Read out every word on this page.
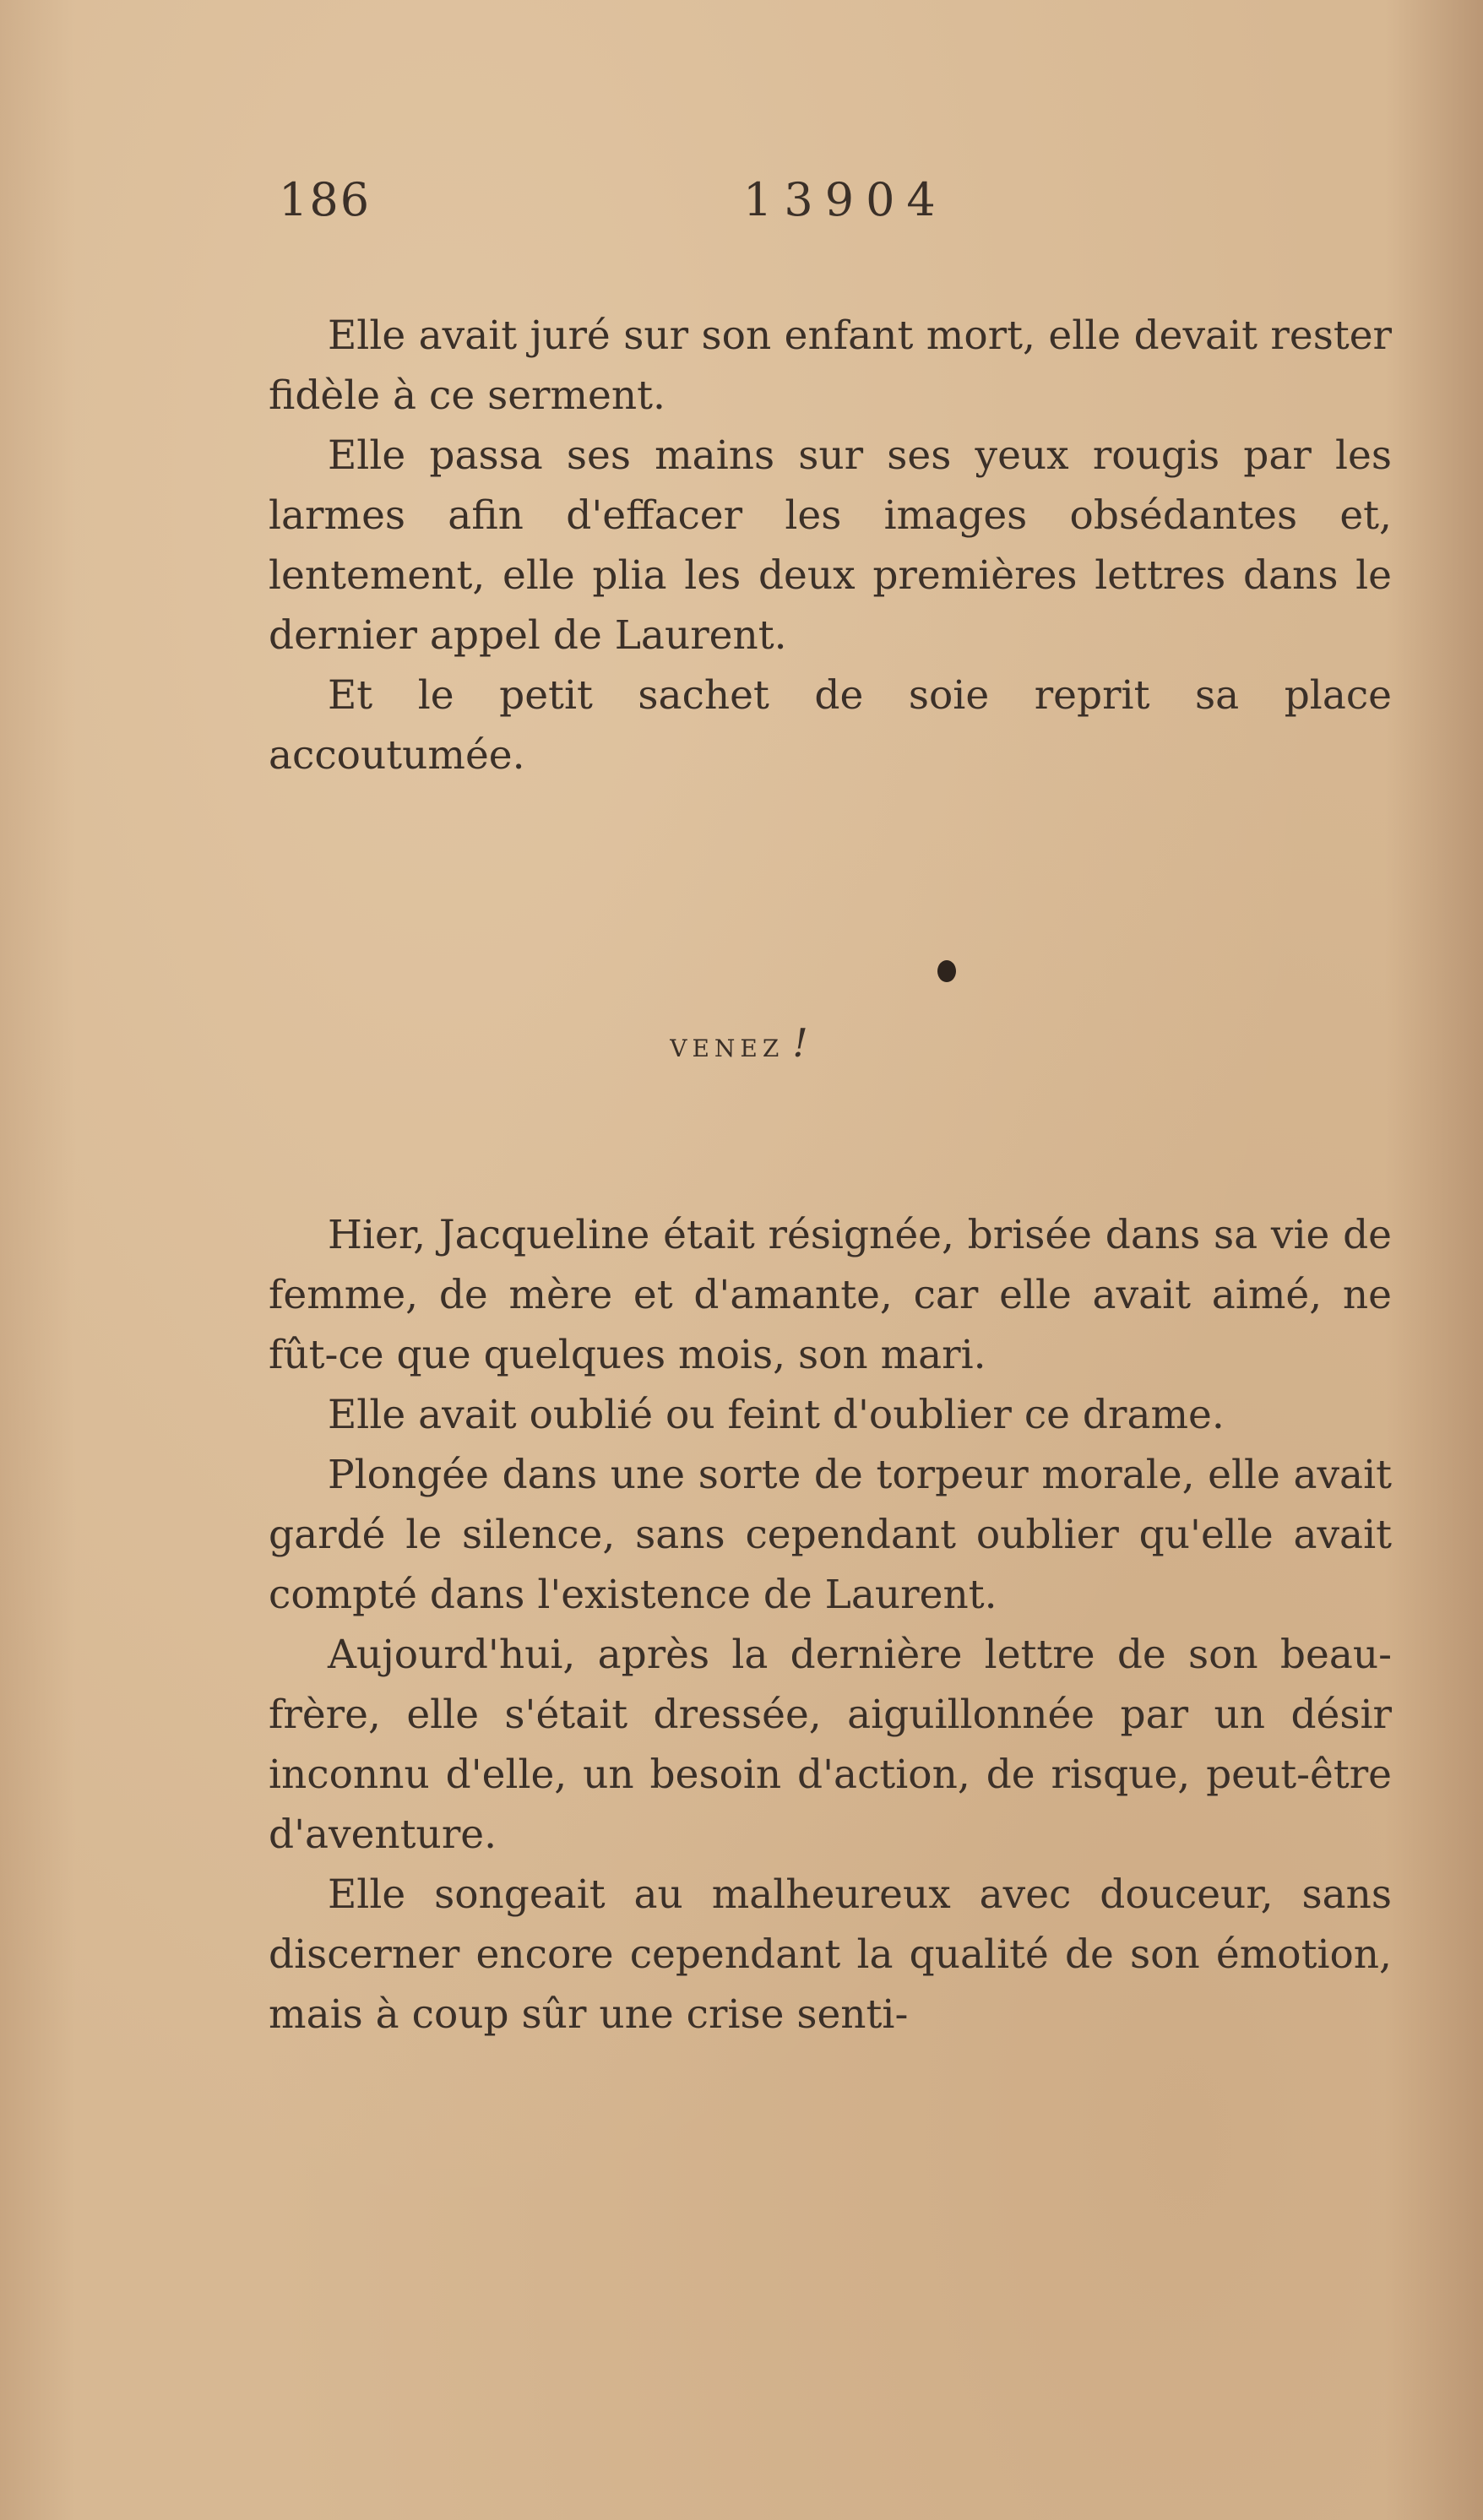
186	13904

Elle avait juré sur son enfant mort, elle devait rester fidèle à ce serment.

Elle passa ses mains sur ses yeux rougis par les larmes afin d'effacer les images obsédantes et, lentement, elle plia les deux premières lettres dans le dernier appel de Laurent.

Et le petit sachet de soie reprit sa place accoutumée.

venez !

Hier, Jacqueline était résignée, brisée dans sa vie de femme, de mère et d'amante, car elle avait aimé, ne fût-ce que quelques mois, son mari.

Elle avait oublié ou feint d'oublier ce drame.

Plongée dans une sorte de torpeur morale, elle avait gardé le silence, sans cependant oublier qu'elle avait compté dans l'existence de Laurent.

Aujourd'hui, après la dernière lettre de son beau-frère, elle s'était dressée, aiguillonnée par un désir inconnu d'elle, un besoin d'action, de risque, peut-être d'aventure.

Elle songeait au malheureux avec douceur, sans discerner encore cependant la qualité de son émotion, mais à coup sûr une crise senti-
